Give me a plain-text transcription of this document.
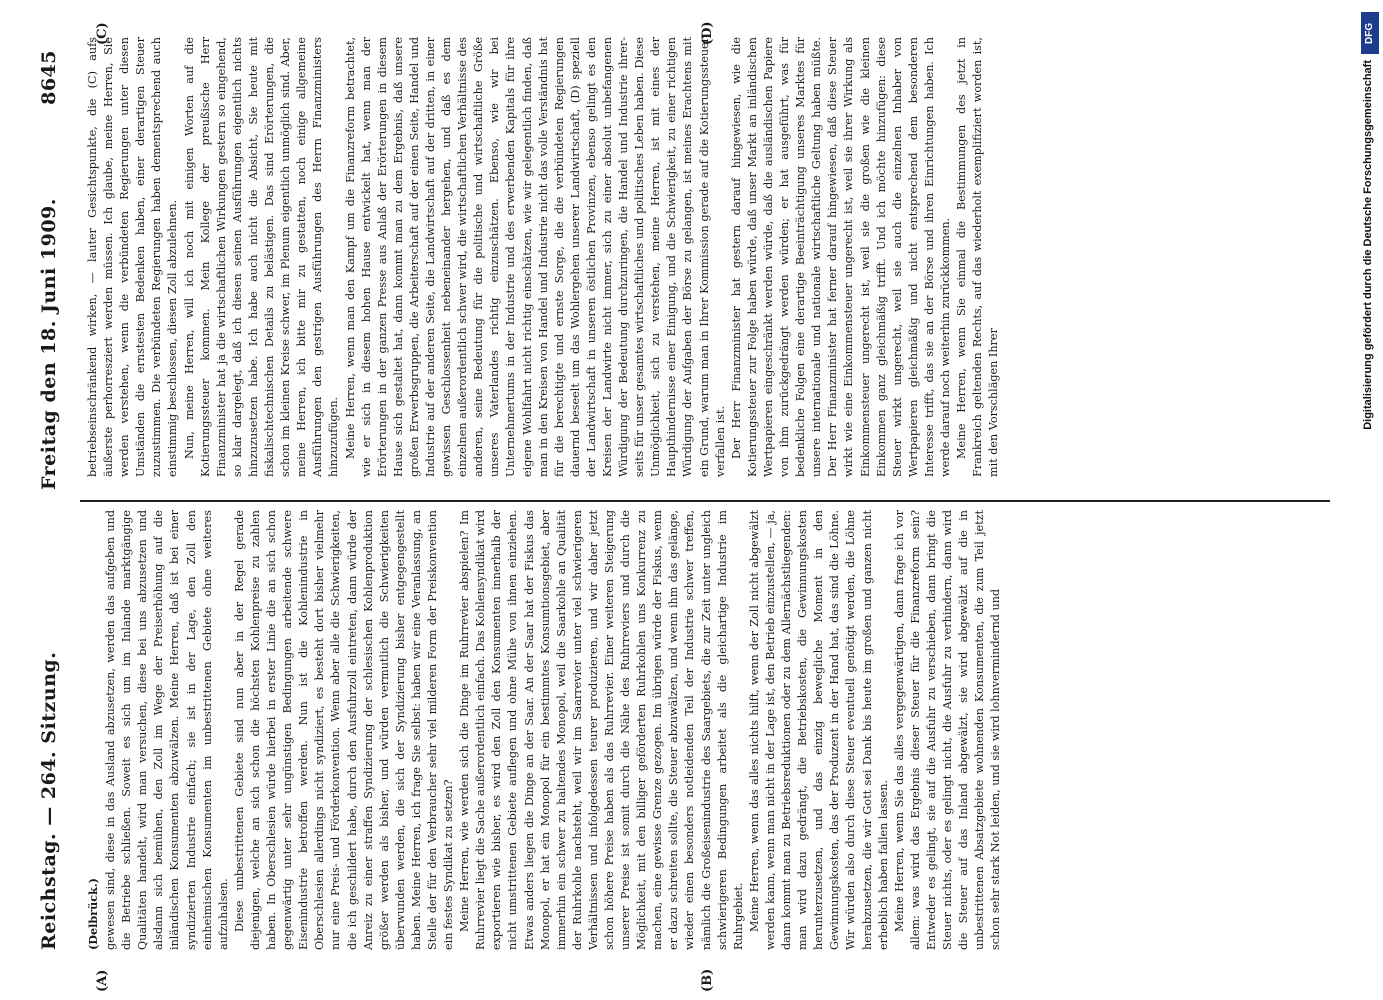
Reichstag. — 264. Sitzung.
Freitag den 18. Juni 1909.
8645
(A)	(B)
(C)	(D)

(Delbrück.) gewesen sind, diese in das Ausland abzusetzen, werden das aufgeben und die Betriebe schließen. Soweit es sich um im Inlande marktgängige Qualitäten handelt, wird man versuchen, diese bei uns abzusetzen und alsdann sich bemühen, den Zoll im Wege der Preiserhöhung auf die inländischen Konsumenten abzuwälzen. Meine Herren, daß ist bei einer syndizierten Industrie einfach; sie ist in der Lage, den Zoll den einheimischen Konsumenten im unbestrittenen Gebiete ohne weiteres aufzuhalsen. Diese unbestrittenen Gebiete sind nun aber in der Regel gerade diejenigen, welche an sich schon die höchsten Kohlenpreise zu zahlen haben. In Oberschlesien würde hierbei in erster Linie die an sich schon gegenwärtig unter sehr ungünstigen Bedingungen arbeitende schwere Eisenindustrie betroffen werden. Nun ist die Kohlenindustrie in Oberschlesien allerdings nicht syndiziert, es besteht dort bisher vielmehr nur eine Preis- und Förderkonvention. Wenn aber alle die Schwierigkeiten, die ich geschildert habe, durch den Ausfuhrzoll eintreten, dann würde der Anreiz zu einer straffen Syndizierung der schlesischen Kohlenproduktion größer werden als bisher, und würden vermutlich die Schwierigkeiten überwunden werden, die sich der Syndizierung bisher entgegengestellt haben. Meine Herren, ich frage Sie selbst: haben wir eine Veranlassung, an Stelle der für den Verbraucher sehr viel milderen Form der Preiskonvention ein festes Syndikat zu setzen? Meine Herren, wie werden sich die Dinge im Ruhrrevier abspielen? Im Ruhrrevier liegt die Sache außerordentlich einfach. Das Kohlensyndikat wird exportieren wie bisher, es wird den Zoll den Konsumenten innerhalb der nicht umstrittenen Gebiete auflegen und ohne Mühe von ihnen einziehen. Etwas anders liegen die Dinge an der Saar. An der Saar hat der Fiskus das Monopol, er hat ein Monopol für ein bestimmtes Konsumtionsgebiet, aber immerhin ein schwer zu haltendes Monopol, weil die Saarkohle an Qualität der Ruhrkohle nachsteht, weil wir im Saarrevier unter viel schwierigeren Verhältnissen und infolgedessen teurer produzieren, und wir daher jetzt schon höhere Preise haben als das Ruhrrevier. Einer weiteren Steigerung unserer Preise ist somit durch die Nähe des Ruhrreviers und durch die Möglichkeit, mit den billiger geförderten Ruhrkohlen uns Konkurrenz zu machen, eine gewisse Grenze gezogen. Im übrigen würde der Fiskus, wenn er dazu schreiten sollte, die Steuer abzuwälzen, und wenn ihm das gelänge, wieder einen besonders notleidenden Teil der Industrie schwer treffen, nämlich die Großeisenindustrie des Saargebiets, die zur Zeit unter ungleich schwierigeren Bedingungen arbeitet als die gleichartige Industrie im Ruhrgebiet. Meine Herren, wenn das alles nichts hilft, wenn der Zoll nicht abgewälzt werden kann, wenn man nicht in der Lage ist, den Betrieb einzustellen, — ja, dann kommt man zu Betriebsreduktionen oder zu dem Allernächstliegenden: man wird dazu gedrängt, die Betriebskosten, die Gewinnungskosten herunterzusetzen, und das einzig bewegliche Moment in den Gewinnungskosten, das der Produzent in der Hand hat, das sind die Löhne. Wir würden also durch diese Steuer eventuell genötigt werden, die Löhne herabzusetzen, die wir Gott sei Dank bis heute im großen und ganzen nicht erheblich haben fallen lassen. Meine Herren, wenn Sie das alles vergegenwärtigen, dann frage ich vor allem: was wird das Ergebnis dieser Steuer für die Finanzreform sein? Entweder es gelingt, sie auf die Ausfuhr zu verschieben, dann bringt die Steuer nichts, oder es gelingt nicht, die Ausfuhr zu verhindern, dann wird die Steuer auf das Inland abgewälzt, sie wird abgewälzt auf die in unbestrittenen Absatzgebiete wohnenden Konsumenten, die zum Teil jetzt schon sehr stark Not leiden, und sie wird lohnvermindernd und

betriebseinschränkend wirken, — lauter Gesichtspunkte, die (C) aufs äußerste perhorresziert werden müssen. Ich glaube, meine Herren, Sie werden verstehen, wenn die verbündeten Regierungen unter diesen Umständen die ernstesten Bedenken haben, einer derartigen Steuer zuzustimmen. Die verbündeten Regierungen haben dementsprechend auch einstimmig beschlossen, diesen Zoll abzulehnen. Nun, meine Herren, will ich noch mit einigen Worten auf die Kotierungssteuer kommen. Mein Kollege der preußische Herr Finanzminister hat ja die wirtschaftlichen Wirkungen gestern so eingehend, so klar dargelegt, daß ich diesen seinen Ausführungen eigentlich nichts hinzuzusetzen habe. Ich habe auch nicht die Absicht, Sie heute mit fiskalischtechnischen Details zu belästigen. Das sind Erörterungen, die schon im kleinen Kreise schwer, im Plenum eigentlich unmöglich sind. Aber, meine Herren, ich bitte mir zu gestatten, noch einige allgemeine Ausführungen den gestrigen Ausführungen des Herrn Finanzministers hinzuzufügen. Meine Herren, wenn man den Kampf um die Finanzreform betrachtet, wie er sich in diesem hohen Hause entwickelt hat, wenn man der Erörterungen in der ganzen Presse aus Anlaß der Erörterungen in diesem Hause sich gestaltet hat, dann kommt man zu dem Ergebnis, daß unsere großen Erwerbsgruppen, die Arbeiterschaft auf der einen Seite, Handel und Industrie auf der anderen Seite, die Landwirtschaft auf der dritten, in einer gewissen Geschlossenheit nebeneinander hergehen, und daß es dem einzelnen außerordentlich schwer wird, die wirtschaftlichen Verhältnisse des anderen, seine Bedeutung für die politische und wirtschaftliche Größe unseres Vaterlandes richtig einzuschätzen. Ebenso, wie wir bei Unternehmertums in der Industrie und des erwerbenden Kapitals für ihre eigene Wohlfahrt nicht richtig einschätzen, wie wir gelegentlich finden, daß man in den Kreisen von Handel und Industrie nicht das volle Verständnis hat für die berechtigte und ernste Sorge, die die verbündeten Regierungen dauernd beseelt um das Wohlergehen unserer Landwirtschaft, (D) speziell der Landwirtschaft in unseren östlichen Provinzen, ebenso gelingt es den Kreisen der Landwirte nicht immer, sich zu einer absolut unbefangenen Würdigung der Bedeutung durchzuringen, die Handel und Industrie ihrerseits für unser gesamtes wirtschaftliches und politisches Leben haben. Diese Unmöglichkeit, sich zu verstehen, meine Herren, ist mit eines der Haupthindernisse einer Einigung, und die Schwierigkeit, zu einer richtigen Würdigung der Aufgaben der Börse zu gelangen, ist meines Erachtens mit ein Grund, warum man in Ihrer Kommission gerade auf die Kotierungssteuer verfallen ist. Der Herr Finanzminister hat gestern darauf hingewiesen, wie die Kotierungssteuer zur Folge haben würde, daß unser Markt an inländischen Wertpapieren eingeschränkt werden würde, daß die ausländischen Papiere von ihm zurückgedrängt werden würden; er hat ausgeführt, was für bedenkliche Folgen eine derartige Beeinträchtigung unseres Marktes für unsere internationale und nationale wirtschaftliche Geltung haben müßte. Der Herr Finanzminister hat ferner darauf hingewiesen, daß diese Steuer wirkt wie eine Einkommensteuer ungerecht ist, weil sie ihrer Wirkung als Einkommensteuer ungerecht ist, weil sie die großen wie die kleinen Einkommen ganz gleichmäßig trifft. Und ich möchte hinzufügen: diese Steuer wirkt ungerecht, weil sie auch die einzelnen Inhaber von Wertpapieren gleichmäßig und nicht entsprechend dem besonderen Interesse trifft, das sie an der Börse und ihren Einrichtungen haben. Ich werde darauf noch weiterhin zurückkommen. Meine Herren, wenn Sie einmal die Bestimmungen des jetzt in Frankreich geltenden Rechts, auf das wiederholt exemplifiziert worden ist, mit den Vorschlägen Ihrer

DFG
Digitalisierung gefördert durch die Deutsche Forschungsgemeinschaft
